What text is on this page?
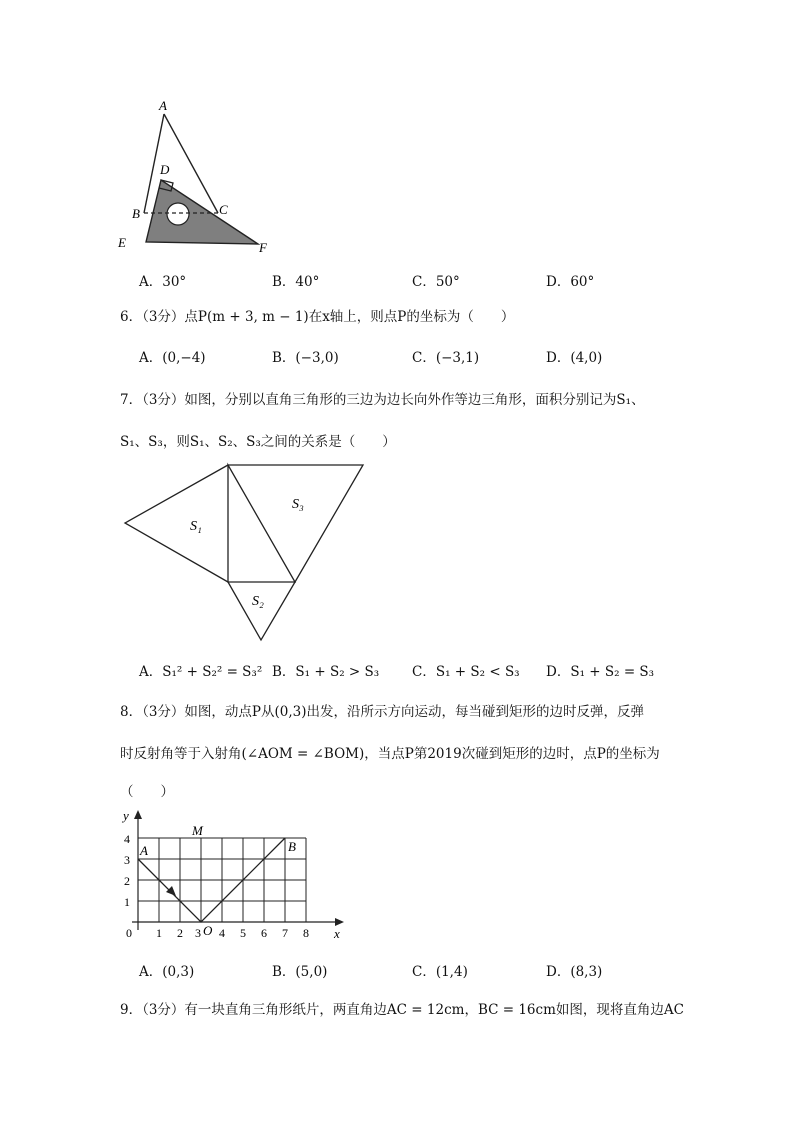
A
D
B	C
E	F
A．30°	B．40°	C．50°	D．60°
6．（3分）点P(m + 3, m − 1)在x轴上，则点P的坐标为（　　）
A．(0,−4)	B．(−3,0)	C．(−3,1)	D．(4,0)
7．（3分）如图，分别以直角三角形的三边为边长向外作等边三角形，面积分别记为S₁、
S₁、S₃，则S₁、S₂、S₃之间的关系是（　　）
S₁
S₂
S₃
A．S₁² + S₂² = S₃² B．S₁ + S₂ > S₃ C．S₁ + S₂ < S₃ D．S₁ + S₂ = S₃
8．（3分）如图，动点P从(0,3)出发，沿所示方向运动，每当碰到矩形的边时反弹，反弹
时反射角等于入射角(∠AOM = ∠BOM)，当点P第2019次碰到矩形的边时，点P的坐标为
（　　）
y
x
M
A	B
O
0
1
2
3
4
1 2 3 4 5 6 7 8
A．(0,3)	B．(5,0)	C．(1,4)	D．(8,3)
9．（3分）有一块直角三角形纸片，两直角边AC = 12cm，BC = 16cm如图，现将直角边AC
